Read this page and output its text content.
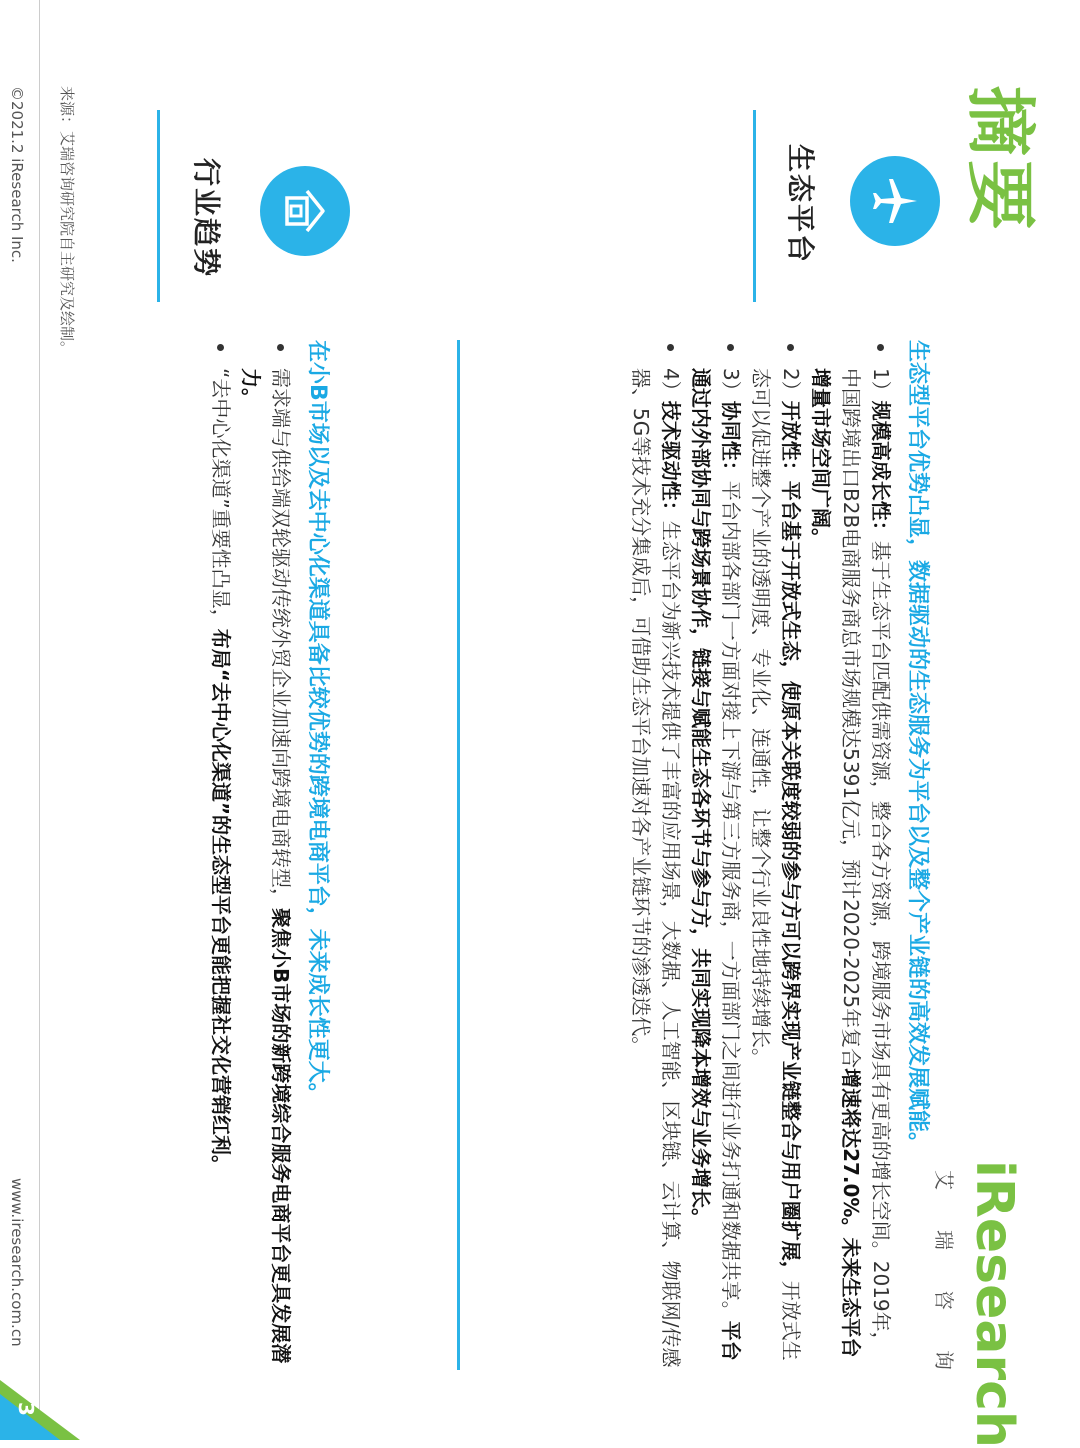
摘要
iResearch
艾
瑞
咨
询
生态平台
生态型平台优势凸显，数据驱动的生态服务为平台以及整个产业链的高效发展赋能。
1）规模高成长性：基于生态平台匹配供需资源，整合各方资源，跨境服务市场具有更高的增长空间。2019年，中国跨境出口B2B电商服务商总市场规模达5391亿元，预计2020-2025年复合增速将达27.0%。未来生态平台增量市场空间广阔。
2）开放性：平台基于开放式生态，使原本关联度较弱的参与方可以跨界实现产业链整合与用户圈扩展，开放式生态可以促进整个产业的透明度、专业化、连通性，让整个行业良性地持续增长。
3）协同性：平台内部各部门一方面对接上下游与第三方服务商，一方面部门之间进行业务打通和数据共享。平台通过内外部协同与跨场景协作，链接与赋能生态各环节与参与方，共同实现降本增效与业务增长。
4）技术驱动性：生态平台为新兴技术提供了丰富的应用场景，大数据、人工智能、区块链、云计算、物联网/传感器、5G等技术充分集成后，可借助生态平台加速对各产业链环节的渗透迭代。
行业趋势
在小B市场以及去中心化渠道具备比较优势的跨境电商平台，未来成长性更大。
需求端与供给端双轮驱动传统外贸企业加速向跨境电商转型，聚焦小B市场的新跨境综合服务电商平台更具发展潜力。
“去中心化渠道”重要性凸显，布局“去中心化渠道”的生态型平台更能把握社交化营销红利。
来源：艾瑞咨询研究院自主研究及绘制。
©2021.2 iResearch Inc.
www.iresearch.com.cn
3
